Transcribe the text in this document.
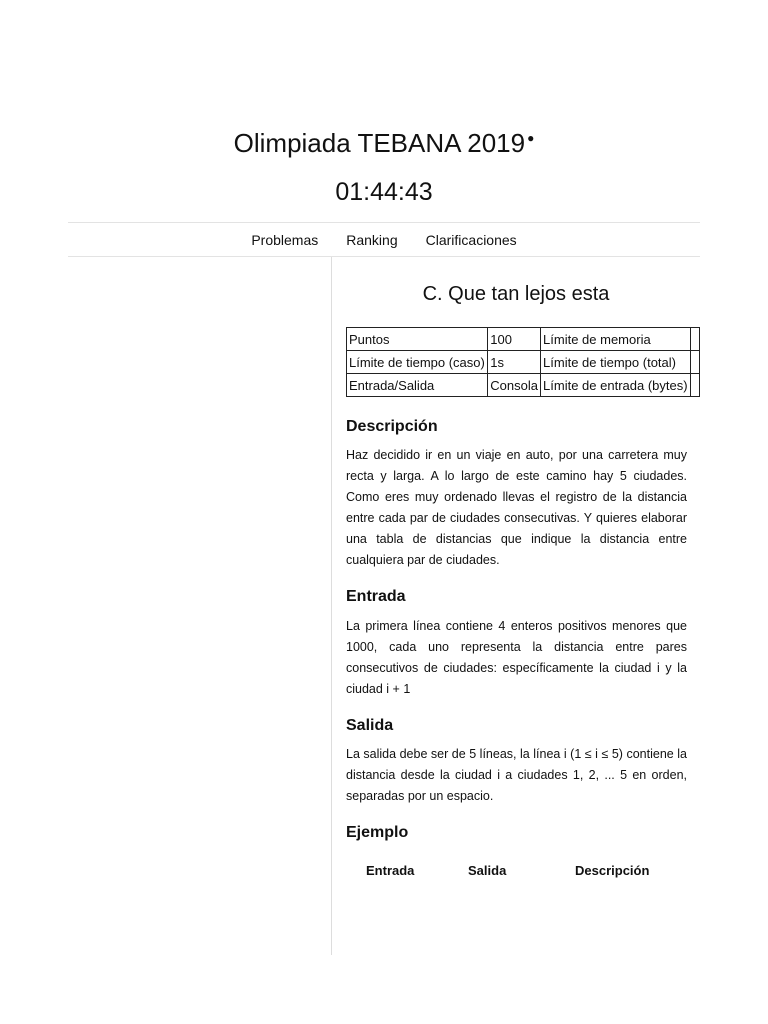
Olimpiada TEBANA 2019 ●
01:44:43
Problemas Ranking Clarificaciones
C. Que tan lejos esta
Puntos	100	Límite de memoria	
Límite de tiempo (caso)	1s	Límite de tiempo (total)	
Entrada/Salida	Consola	Límite de entrada (bytes)	
Descripción

Haz decidido ir en un viaje en auto, por una carretera muy recta y larga. A lo largo de este camino hay 5 ciudades. Como eres muy ordenado llevas el registro de la distancia entre cada par de ciudades consecutivas. Y quieres elaborar una tabla de distancias que indique la distancia entre cualquiera par de ciudades.

Entrada

La primera línea contiene 4 enteros positivos menores que 1000, cada uno representa la distancia entre pares consecutivos de ciudades: específicamente la ciudad i y la ciudad i + 1

Salida

La salida debe ser de 5 líneas, la línea i (1 ≤ i ≤ 5) contiene la distancia desde la ciudad i a ciudades 1, 2, ... 5 en orden, separadas por un espacio.

Ejemplo
Entrada	Salida	Descripción
